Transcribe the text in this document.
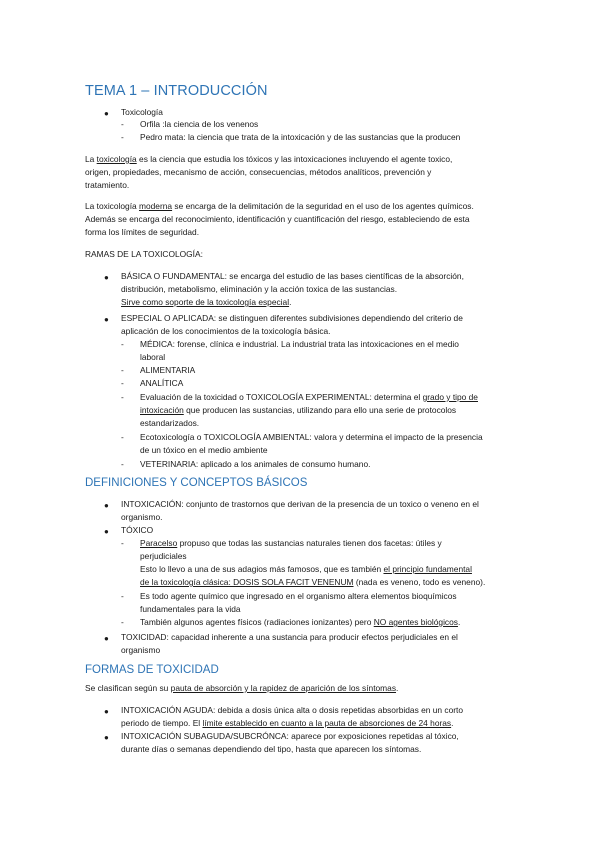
TEMA 1 – INTRODUCCIÓN
● Toxicología
- Orfila :la ciencia de los venenos
- Pedro mata: la ciencia que trata de la intoxicación y de las sustancias que la producen
La toxicología es la ciencia que estudia los tóxicos y las intoxicaciones incluyendo el agente toxico,
origen, propiedades, mecanismo de acción, consecuencias, métodos analíticos, prevención y
tratamiento.
La toxicología moderna se encarga de la delimitación de la seguridad en el uso de los agentes químicos.
Además se encarga del reconocimiento, identificación y cuantificación del riesgo, estableciendo de esta
forma los límites de seguridad.
RAMAS DE LA TOXICOLOGÍA:
● BÁSICA O FUNDAMENTAL: se encarga del estudio de las bases científicas de la absorción,
distribución, metabolismo, eliminación y la acción toxica de las sustancias.
Sirve como soporte de la toxicología especial.
● ESPECIAL O APLICADA: se distinguen diferentes subdivisiones dependiendo del criterio de
aplicación de los conocimientos de la toxicología básica.
- MÉDICA: forense, clínica e industrial. La industrial trata las intoxicaciones en el medio
laboral
- ALIMENTARIA
- ANALÍTICA
- Evaluación de la toxicidad o TOXICOLOGÍA EXPERIMENTAL: determina el grado y tipo de
intoxicación que producen las sustancias, utilizando para ello una serie de protocolos
estandarizados.
- Ecotoxicología o TOXICOLOGÍA AMBIENTAL: valora y determina el impacto de la presencia
de un tóxico en el medio ambiente
- VETERINARIA: aplicado a los animales de consumo humano.
DEFINICIONES Y CONCEPTOS BÁSICOS
● INTOXICACIÓN: conjunto de trastornos que derivan de la presencia de un toxico o veneno en el
organismo.
● TÓXICO
- Paracelso propuso que todas las sustancias naturales tienen dos facetas: útiles y
perjudiciales
Esto lo llevo a una de sus adagios más famosos, que es también el principio fundamental
de la toxicología clásica: DOSIS SOLA FACIT VENENUM (nada es veneno, todo es veneno).
- Es todo agente químico que ingresado en el organismo altera elementos bioquímicos
fundamentales para la vida
- También algunos agentes físicos (radiaciones ionizantes) pero NO agentes biológicos.
● TOXICIDAD: capacidad inherente a una sustancia para producir efectos perjudiciales en el
organismo
FORMAS DE TOXICIDAD
Se clasifican según su pauta de absorción y la rapidez de aparición de los síntomas.
● INTOXICACIÓN AGUDA: debida a dosis única alta o dosis repetidas absorbidas en un corto
periodo de tiempo. El límite establecido en cuanto a la pauta de absorciones de 24 horas.
● INTOXICACIÓN SUBAGUDA/SUBCRÓNCA: aparece por exposiciones repetidas al tóxico,
durante días o semanas dependiendo del tipo, hasta que aparecen los síntomas.
